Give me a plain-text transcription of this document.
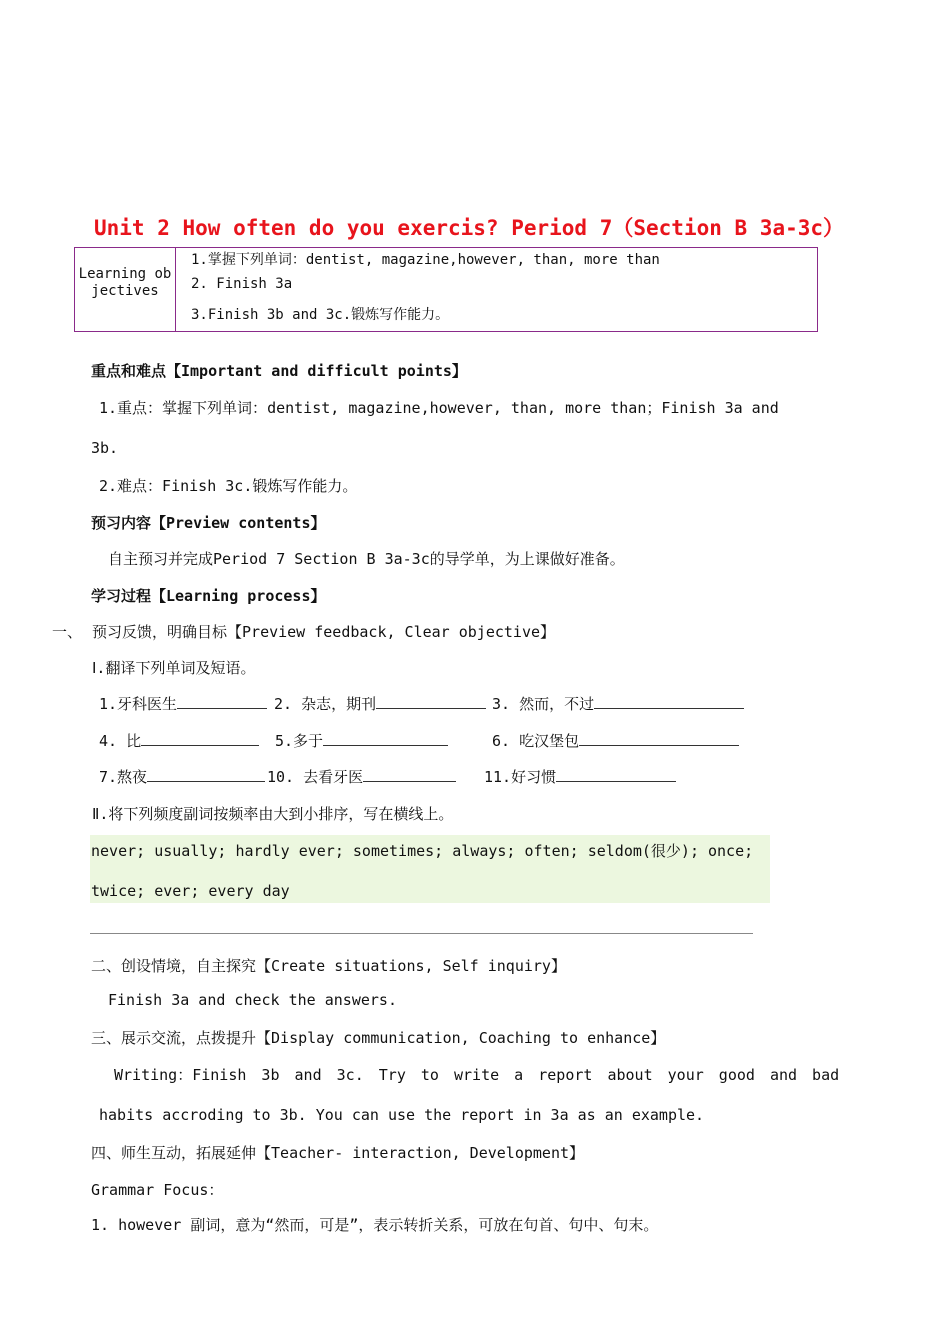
Unit 2 How often do you exercis? Period 7（Section B 3a-3c）
Learning objectives
1.掌握下列单词：dentist, magazine,however, than, more than
2. Finish 3a
3.Finish 3b and 3c.锻炼写作能力。
重点和难点【Important and difficult points】
1.重点：掌握下列单词：dentist, magazine,however, than, more than；Finish 3a and
3b.
2.难点：Finish 3c.锻炼写作能力。
预习内容【Preview contents】
自主预习并完成Period 7 Section B 3a-3c的导学单，为上课做好准备。
学习过程【Learning process】
一、 预习反馈，明确目标【Preview feedback, Clear objective】
Ⅰ.翻译下列单词及短语。
1.牙科医生	2. 杂志，期刊	3. 然而，不过
4. 比	5.多于	6. 吃汉堡包
7.熬夜	10. 去看牙医	11.好习惯
Ⅱ.将下列频度副词按频率由大到小排序，写在横线上。
never; usually; hardly ever; sometimes; always; often; seldom(很少); once;
twice; ever; every day
二、创设情境，自主探究【Create situations, Self inquiry】
Finish 3a and check the answers.
三、展示交流，点拨提升【Display communication, Coaching to enhance】
Writing：Finish 3b and 3c. Try to write a report about your good and bad
habits accroding to 3b. You can use the report in 3a as an example.
四、师生互动，拓展延伸【Teacher- interaction, Development】
Grammar Focus：
1. however 副词，意为“然而，可是”，表示转折关系，可放在句首、句中、句末。
